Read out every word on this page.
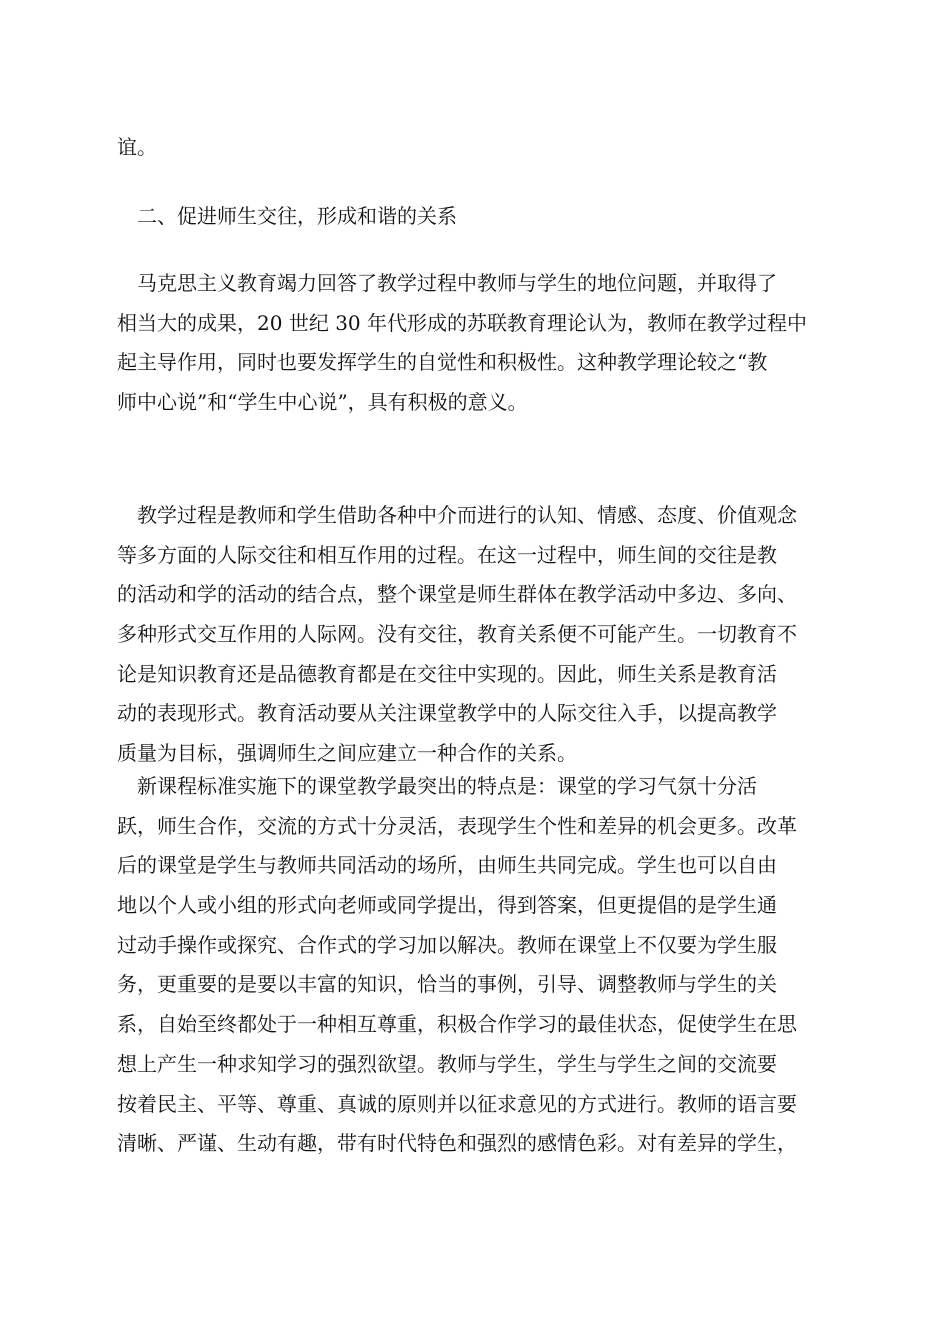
谊。
　二、促进师生交往，形成和谐的关系
　马克思主义教育竭力回答了教学过程中教师与学生的地位问题，并取得了
相当大的成果，20 世纪 30 年代形成的苏联教育理论认为，教师在教学过程中
起主导作用，同时也要发挥学生的自觉性和积极性。这种教学理论较之“教
师中心说”和“学生中心说”，具有积极的意义。
　教学过程是教师和学生借助各种中介而进行的认知、情感、态度、价值观念
等多方面的人际交往和相互作用的过程。在这一过程中，师生间的交往是教
的活动和学的活动的结合点，整个课堂是师生群体在教学活动中多边、多向、
多种形式交互作用的人际网。没有交往，教育关系便不可能产生。一切教育不
论是知识教育还是品德教育都是在交往中实现的。因此，师生关系是教育活
动的表现形式。教育活动要从关注课堂教学中的人际交往入手，以提高教学
质量为目标，强调师生之间应建立一种合作的关系。
　新课程标准实施下的课堂教学最突出的特点是：课堂的学习气氛十分活
跃，师生合作，交流的方式十分灵活，表现学生个性和差异的机会更多。改革
后的课堂是学生与教师共同活动的场所，由师生共同完成。学生也可以自由
地以个人或小组的形式向老师或同学提出，得到答案，但更提倡的是学生通
过动手操作或探究、合作式的学习加以解决。教师在课堂上不仅要为学生服
务，更重要的是要以丰富的知识，恰当的事例，引导、调整教师与学生的关
系，自始至终都处于一种相互尊重，积极合作学习的最佳状态，促使学生在思
想上产生一种求知学习的强烈欲望。教师与学生，学生与学生之间的交流要
按着民主、平等、尊重、真诚的原则并以征求意见的方式进行。教师的语言要
清晰、严谨、生动有趣，带有时代特色和强烈的感情色彩。对有差异的学生，
